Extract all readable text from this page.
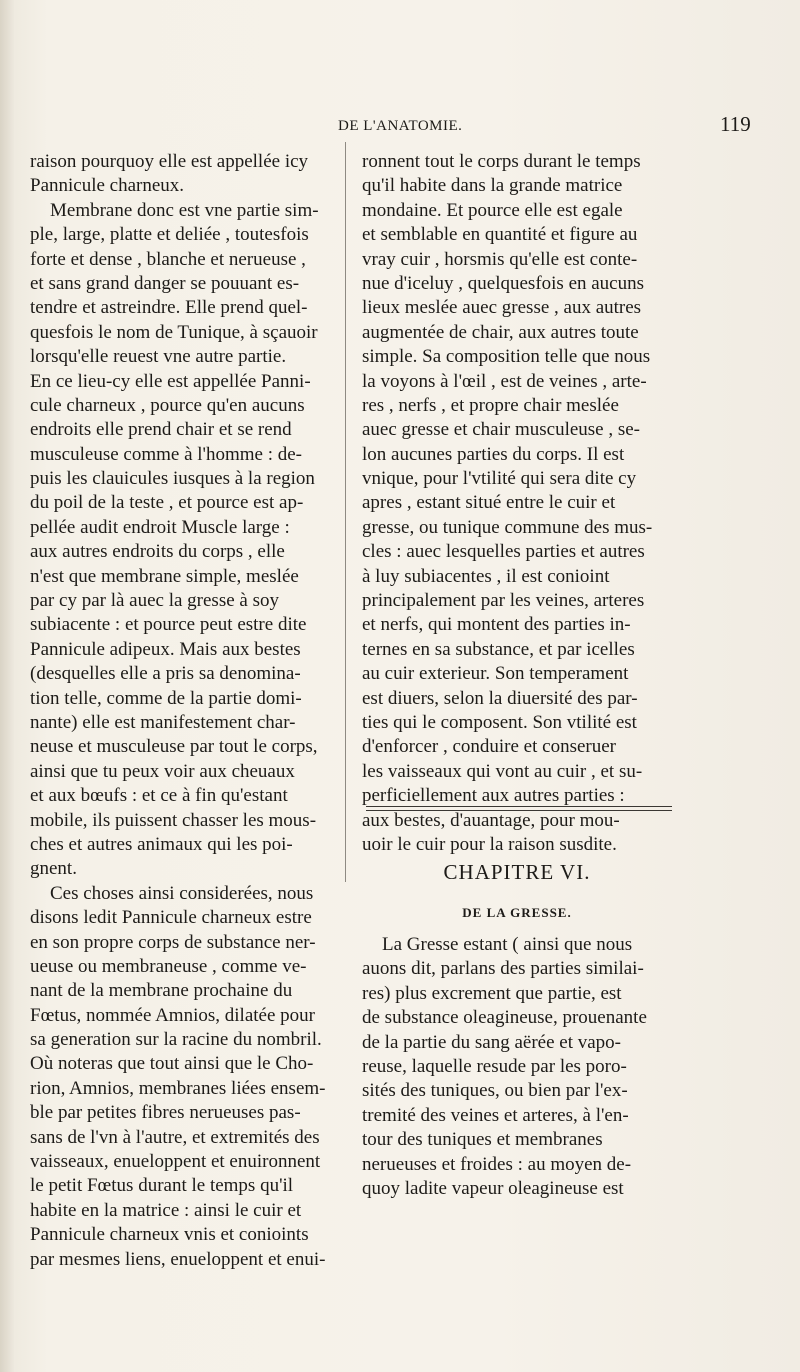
DE L'ANATOMIE.	119
raison pourquoy elle est appellée icy
Pannicule charneux.
Membrane donc est vne partie sim-
ple, large, platte et deliée , toutesfois
forte et dense , blanche et nerueuse ,
et sans grand danger se pouuant es-
tendre et astreindre. Elle prend quel-
quesfois le nom de Tunique, à sçauoir
lorsqu'elle reuest vne autre partie.
En ce lieu-cy elle est appellée Panni-
cule charneux , pource qu'en aucuns
endroits elle prend chair et se rend
musculeuse comme à l'homme : de-
puis les clauicules iusques à la region
du poil de la teste , et pource est ap-
pellée audit endroit Muscle large :
aux autres endroits du corps , elle
n'est que membrane simple, meslée
par cy par là auec la gresse à soy
subiacente : et pource peut estre dite
Pannicule adipeux. Mais aux bestes
(desquelles elle a pris sa denomina-
tion telle, comme de la partie domi-
nante) elle est manifestement char-
neuse et musculeuse par tout le corps,
ainsi que tu peux voir aux cheuaux
et aux bœufs : et ce à fin qu'estant
mobile, ils puissent chasser les mous-
ches et autres animaux qui les poi-
gnent.
Ces choses ainsi considerées, nous
disons ledit Pannicule charneux estre
en son propre corps de substance ner-
ueuse ou membraneuse , comme ve-
nant de la membrane prochaine du
Fœtus, nommée Amnios, dilatée pour
sa generation sur la racine du nombril.
Où noteras que tout ainsi que le Cho-
rion, Amnios, membranes liées ensem-
ble par petites fibres nerueuses pas-
sans de l'vn à l'autre, et extremités des
vaisseaux, enueloppent et enuironnent
le petit Fœtus durant le temps qu'il
habite en la matrice : ainsi le cuir et
Pannicule charneux vnis et conioints
par mesmes liens, enueloppent et enui-
ronnent tout le corps durant le temps
qu'il habite dans la grande matrice
mondaine. Et pource elle est egale
et semblable en quantité et figure au
vray cuir , horsmis qu'elle est conte-
nue d'iceluy , quelquesfois en aucuns
lieux meslée auec gresse , aux autres
augmentée de chair, aux autres toute
simple. Sa composition telle que nous
la voyons à l'œil , est de veines , arte-
res , nerfs , et propre chair meslée
auec gresse et chair musculeuse , se-
lon aucunes parties du corps. Il est
vnique, pour l'vtilité qui sera dite cy
apres , estant situé entre le cuir et
gresse, ou tunique commune des mus-
cles : auec lesquelles parties et autres
à luy subiacentes , il est conioint
principalement par les veines, arteres
et nerfs, qui montent des parties in-
ternes en sa substance, et par icelles
au cuir exterieur. Son temperament
est diuers, selon la diuersité des par-
ties qui le composent. Son vtilité est
d'enforcer , conduire et conseruer
les vaisseaux qui vont au cuir , et su-
perficiellement aux autres parties :
aux bestes, d'auantage, pour mou-
uoir le cuir pour la raison susdite.
CHAPITRE VI.
DE LA GRESSE.
La Gresse estant ( ainsi que nous
auons dit, parlans des parties similai-
res) plus excrement que partie, est
de substance oleagineuse, prouenante
de la partie du sang aërée et vapo-
reuse, laquelle resude par les poro-
sités des tuniques, ou bien par l'ex-
tremité des veines et arteres, à l'en-
tour des tuniques et membranes
nerueuses et froides : au moyen de-
quoy ladite vapeur oleagineuse est
